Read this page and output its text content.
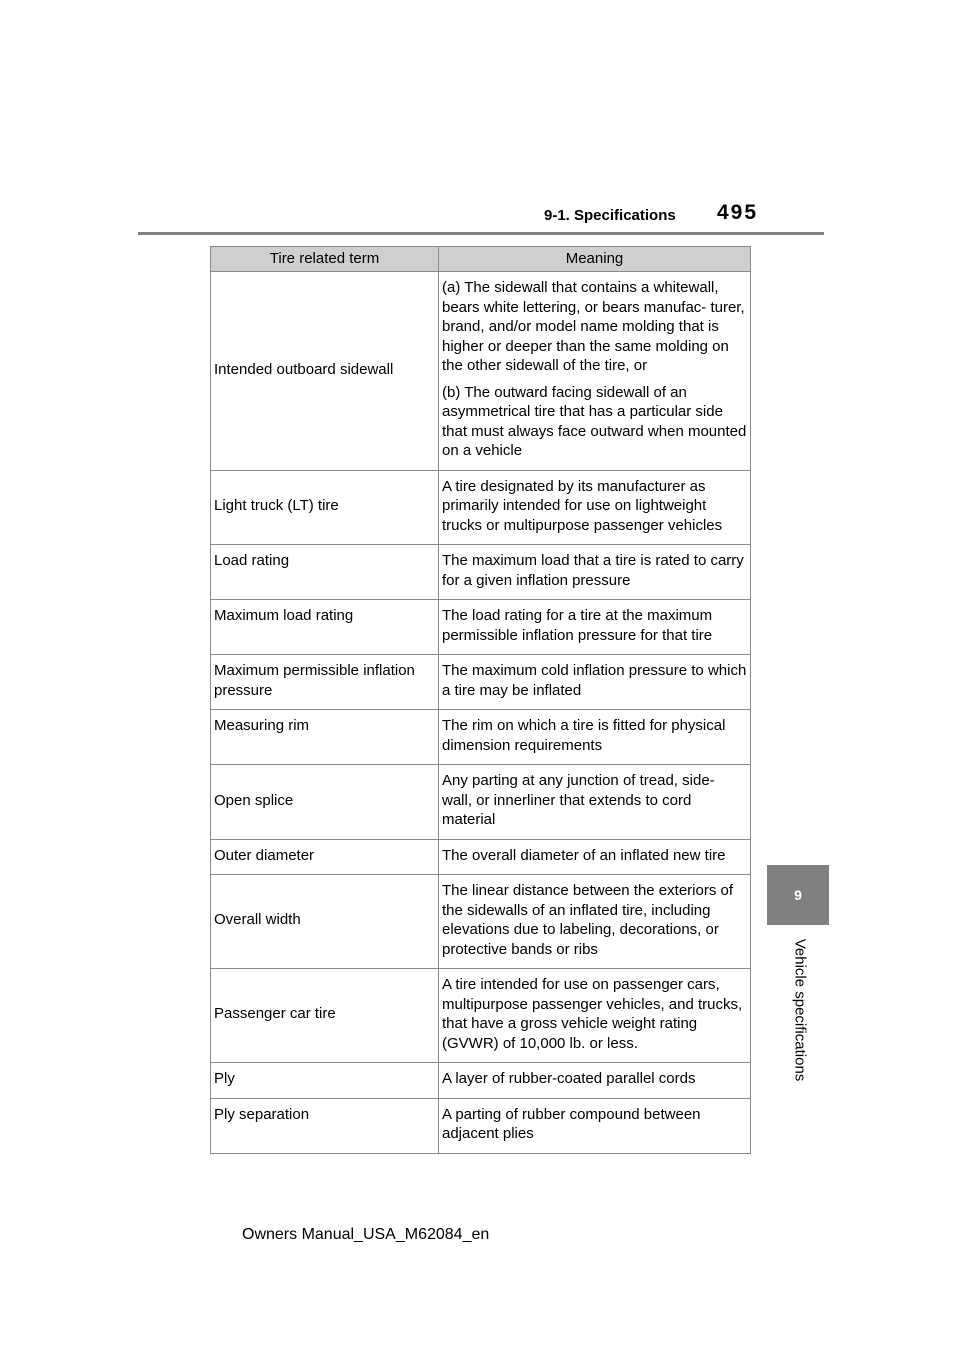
9-1. Specifications 495
9
Vehicle specifications
Tire related term	Meaning
Intended outboard sidewall	(a) The sidewall that contains a whitewall, bears white lettering, or bears manufac- turer, brand, and/or model name molding that is higher or deeper than the same molding on the other sidewall of the tire, or
(b) The outward facing sidewall of an asymmetrical tire that has a particular side that must always face outward when mounted on a vehicle

Light truck (LT) tire	A tire designated by its manufacturer as primarily intended for use on lightweight trucks or multipurpose passenger vehicles
Load rating	The maximum load that a tire is rated to carry for a given inflation pressure
Maximum load rating	The load rating for a tire at the maximum permissible inflation pressure for that tire
Maximum permissible inflation pressure	The maximum cold inflation pressure to which a tire may be inflated
Measuring rim	The rim on which a tire is fitted for physical dimension requirements
Open splice	Any parting at any junction of tread, side- wall, or innerliner that extends to cord material
Outer diameter	The overall diameter of an inflated new tire
Overall width	The linear distance between the exteriors of the sidewalls of an inflated tire, including elevations due to labeling, decorations, or protective bands or ribs
Passenger car tire	A tire intended for use on passenger cars, multipurpose passenger vehicles, and trucks, that have a gross vehicle weight rating (GVWR) of 10,000 lb. or less.
Ply	A layer of rubber-coated parallel cords
Ply separation	A parting of rubber compound between adjacent plies
Owners Manual_USA_M62084_en
